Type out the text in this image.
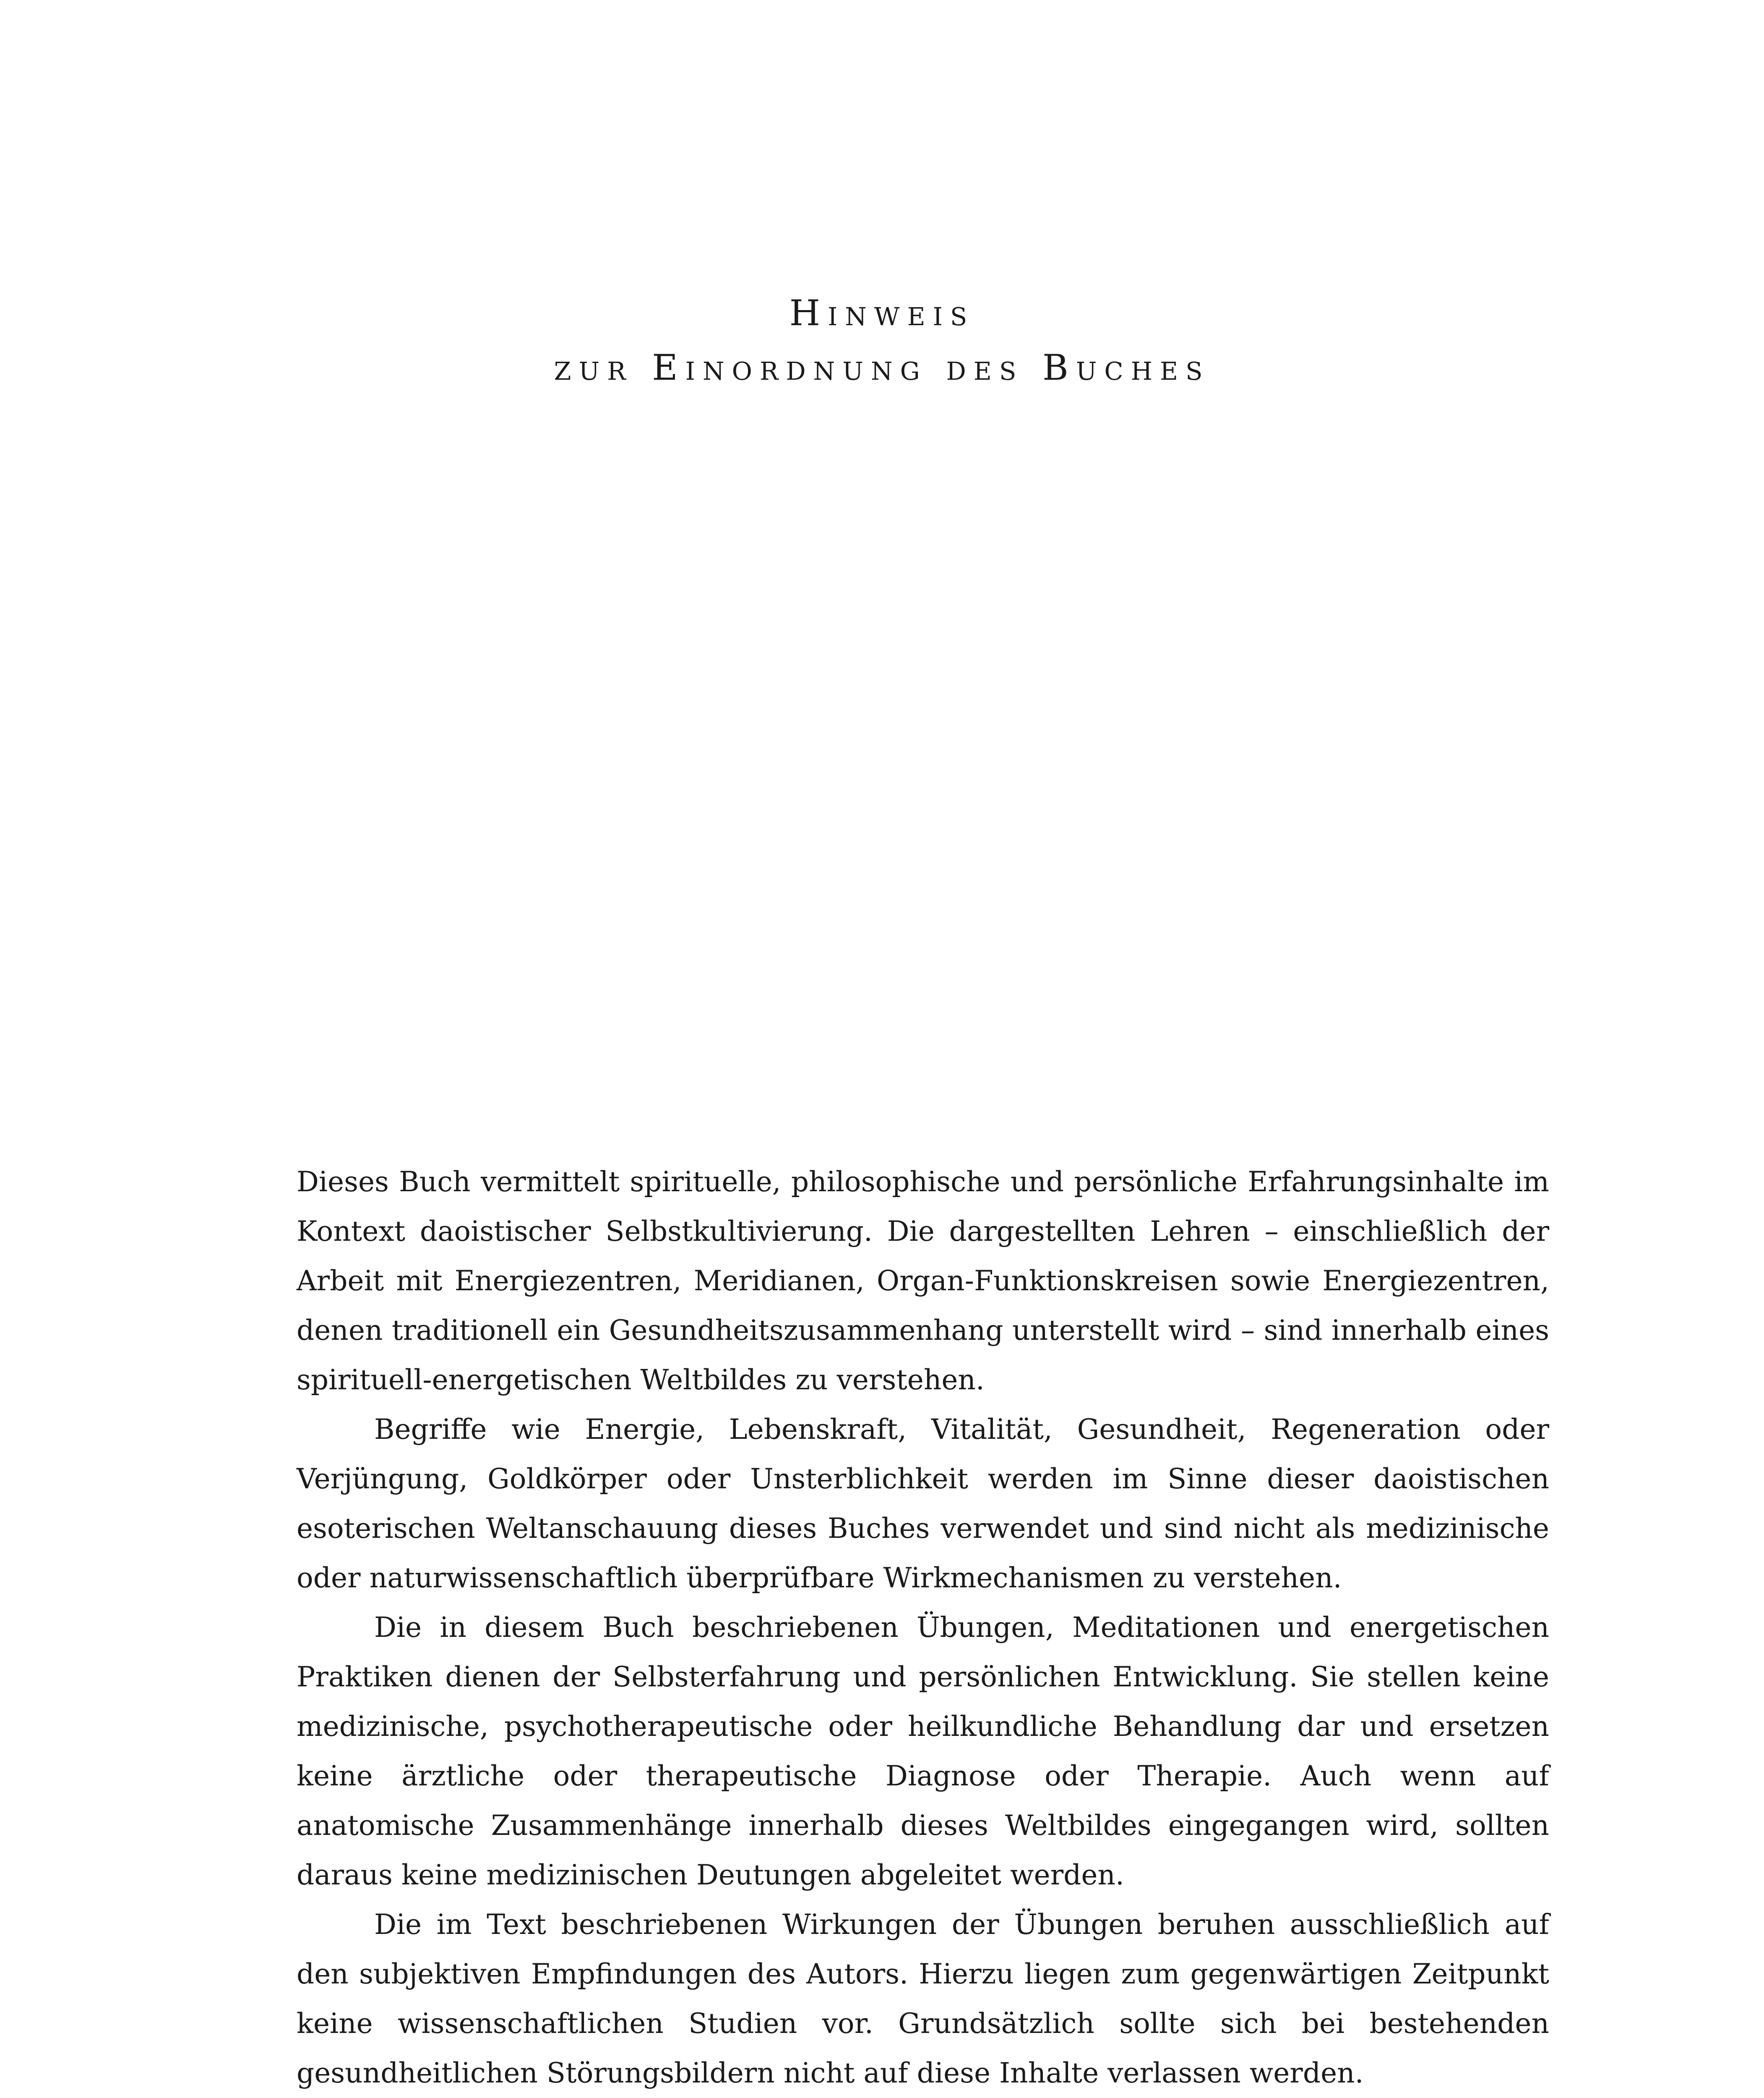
Hinweis
zur Einordnung des Buches

Dieses Buch vermittelt spirituelle, philosophische und persönliche Erfahrungsinhalte im Kontext daoistischer Selbstkultivierung. Die dargestellten Lehren – einschließlich der Arbeit mit Energiezentren, Meridianen, Organ-Funktionskreisen sowie Energiezentren, denen traditionell ein Gesundheitszusammenhang unterstellt wird – sind innerhalb eines spirituell-energetischen Weltbildes zu verstehen.

Begriffe wie Energie, Lebenskraft, Vitalität, Gesundheit, Regeneration oder Verjüngung, Goldkörper oder Unsterblichkeit werden im Sinne dieser daoistischen esoterischen Weltanschauung dieses Buches verwendet und sind nicht als medizinische oder naturwissenschaftlich überprüfbare Wirkmechanismen zu verstehen.

Die in diesem Buch beschriebenen Übungen, Meditationen und energetischen Praktiken dienen der Selbsterfahrung und persönlichen Entwicklung. Sie stellen keine medizinische, psychotherapeutische oder heilkundliche Behandlung dar und ersetzen keine ärztliche oder therapeutische Diagnose oder Therapie. Auch wenn auf anatomische Zusammenhänge innerhalb dieses Weltbildes eingegangen wird, sollten daraus keine medizinischen Deutungen abgeleitet werden.

Die im Text beschriebenen Wirkungen der Übungen beruhen ausschließlich auf den subjektiven Empfindungen des Autors. Hierzu liegen zum gegenwärtigen Zeitpunkt keine wissenschaftlichen Studien vor. Grundsätzlich sollte sich bei bestehenden gesundheitlichen Störungsbildern nicht auf diese Inhalte verlassen werden.
